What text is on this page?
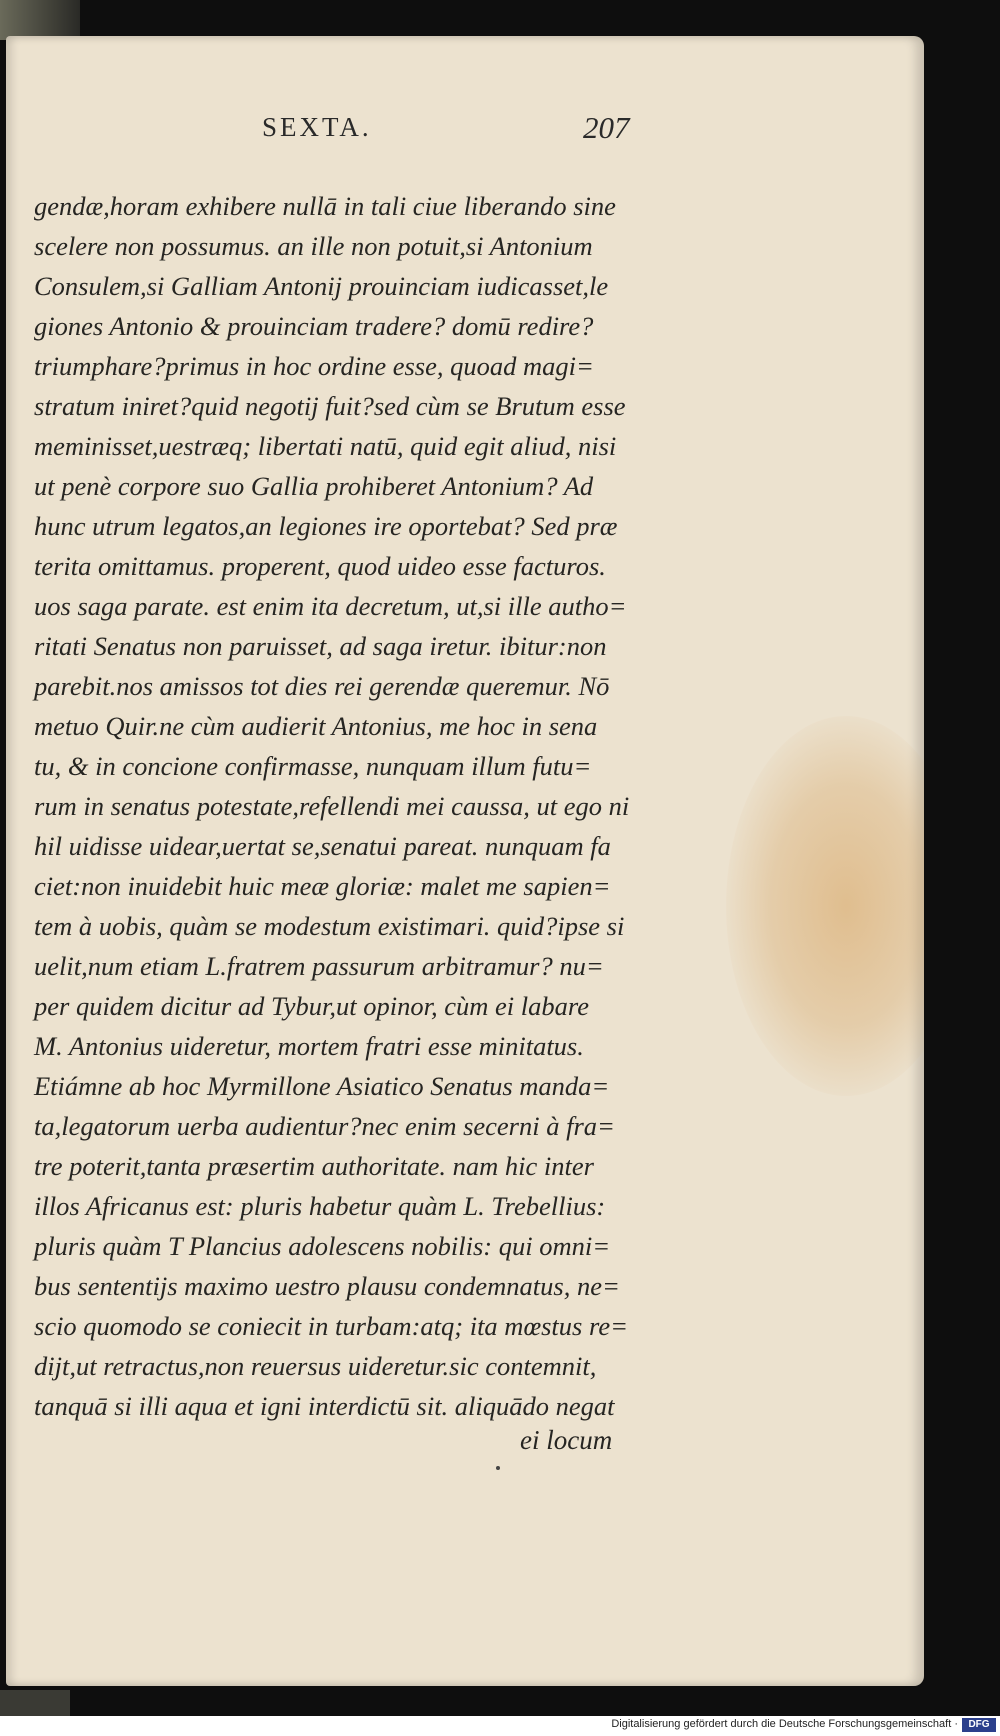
SEXTA.	207
gendæ,horam exhibere nullā in tali ciue liberando sine
scelere non possumus. an ille non potuit,si Antonium
Consulem,si Galliam Antonij prouinciam iudicasset,le
giones Antonio & prouinciam tradere? domū redire?
triumphare?primus in hoc ordine esse, quoad magi=
stratum iniret?quid negotij fuit?sed cùm se Brutum esse
meminisset,uestræq; libertati natū, quid egit aliud, nisi
ut penè corpore suo Gallia prohiberet Antonium? Ad
hunc utrum legatos,an legiones ire oportebat? Sed præ
terita omittamus. properent, quod uideo esse facturos.
uos saga parate. est enim ita decretum, ut,si ille autho=
ritati Senatus non paruisset, ad saga iretur. ibitur:non
parebit.nos amissos tot dies rei gerendæ queremur. Nō
metuo Quir.ne cùm audierit Antonius, me hoc in sena
tu, & in concione confirmasse, nunquam illum futu=
rum in senatus potestate,refellendi mei caussa, ut ego ni
hil uidisse uidear,uertat se,senatui pareat. nunquam fa
ciet:non inuidebit huic meæ gloriæ: malet me sapien=
tem à uobis, quàm se modestum existimari. quid?ipse si
uelit,num etiam L.fratrem passurum arbitramur? nu=
per quidem dicitur ad Tybur,ut opinor, cùm ei labare
M. Antonius uideretur, mortem fratri esse minitatus.
Etiámne ab hoc Myrmillone Asiatico Senatus manda=
ta,legatorum uerba audientur?nec enim secerni à fra=
tre poterit,tanta præsertim authoritate. nam hic inter
illos Africanus est: pluris habetur quàm L. Trebellius:
pluris quàm T Plancius adolescens nobilis: qui omni=
bus sententijs maximo uestro plausu condemnatus, ne=
scio quomodo se coniecit in turbam:atq; ita mœstus re=
dijt,ut retractus,non reuersus uideretur.sic contemnit,
tanquā si illi aqua et igni interdictū sit. aliquādo negat
ei locum
Digitalisierung gefördert durch die Deutsche Forschungsgemeinschaft ·	DFG
